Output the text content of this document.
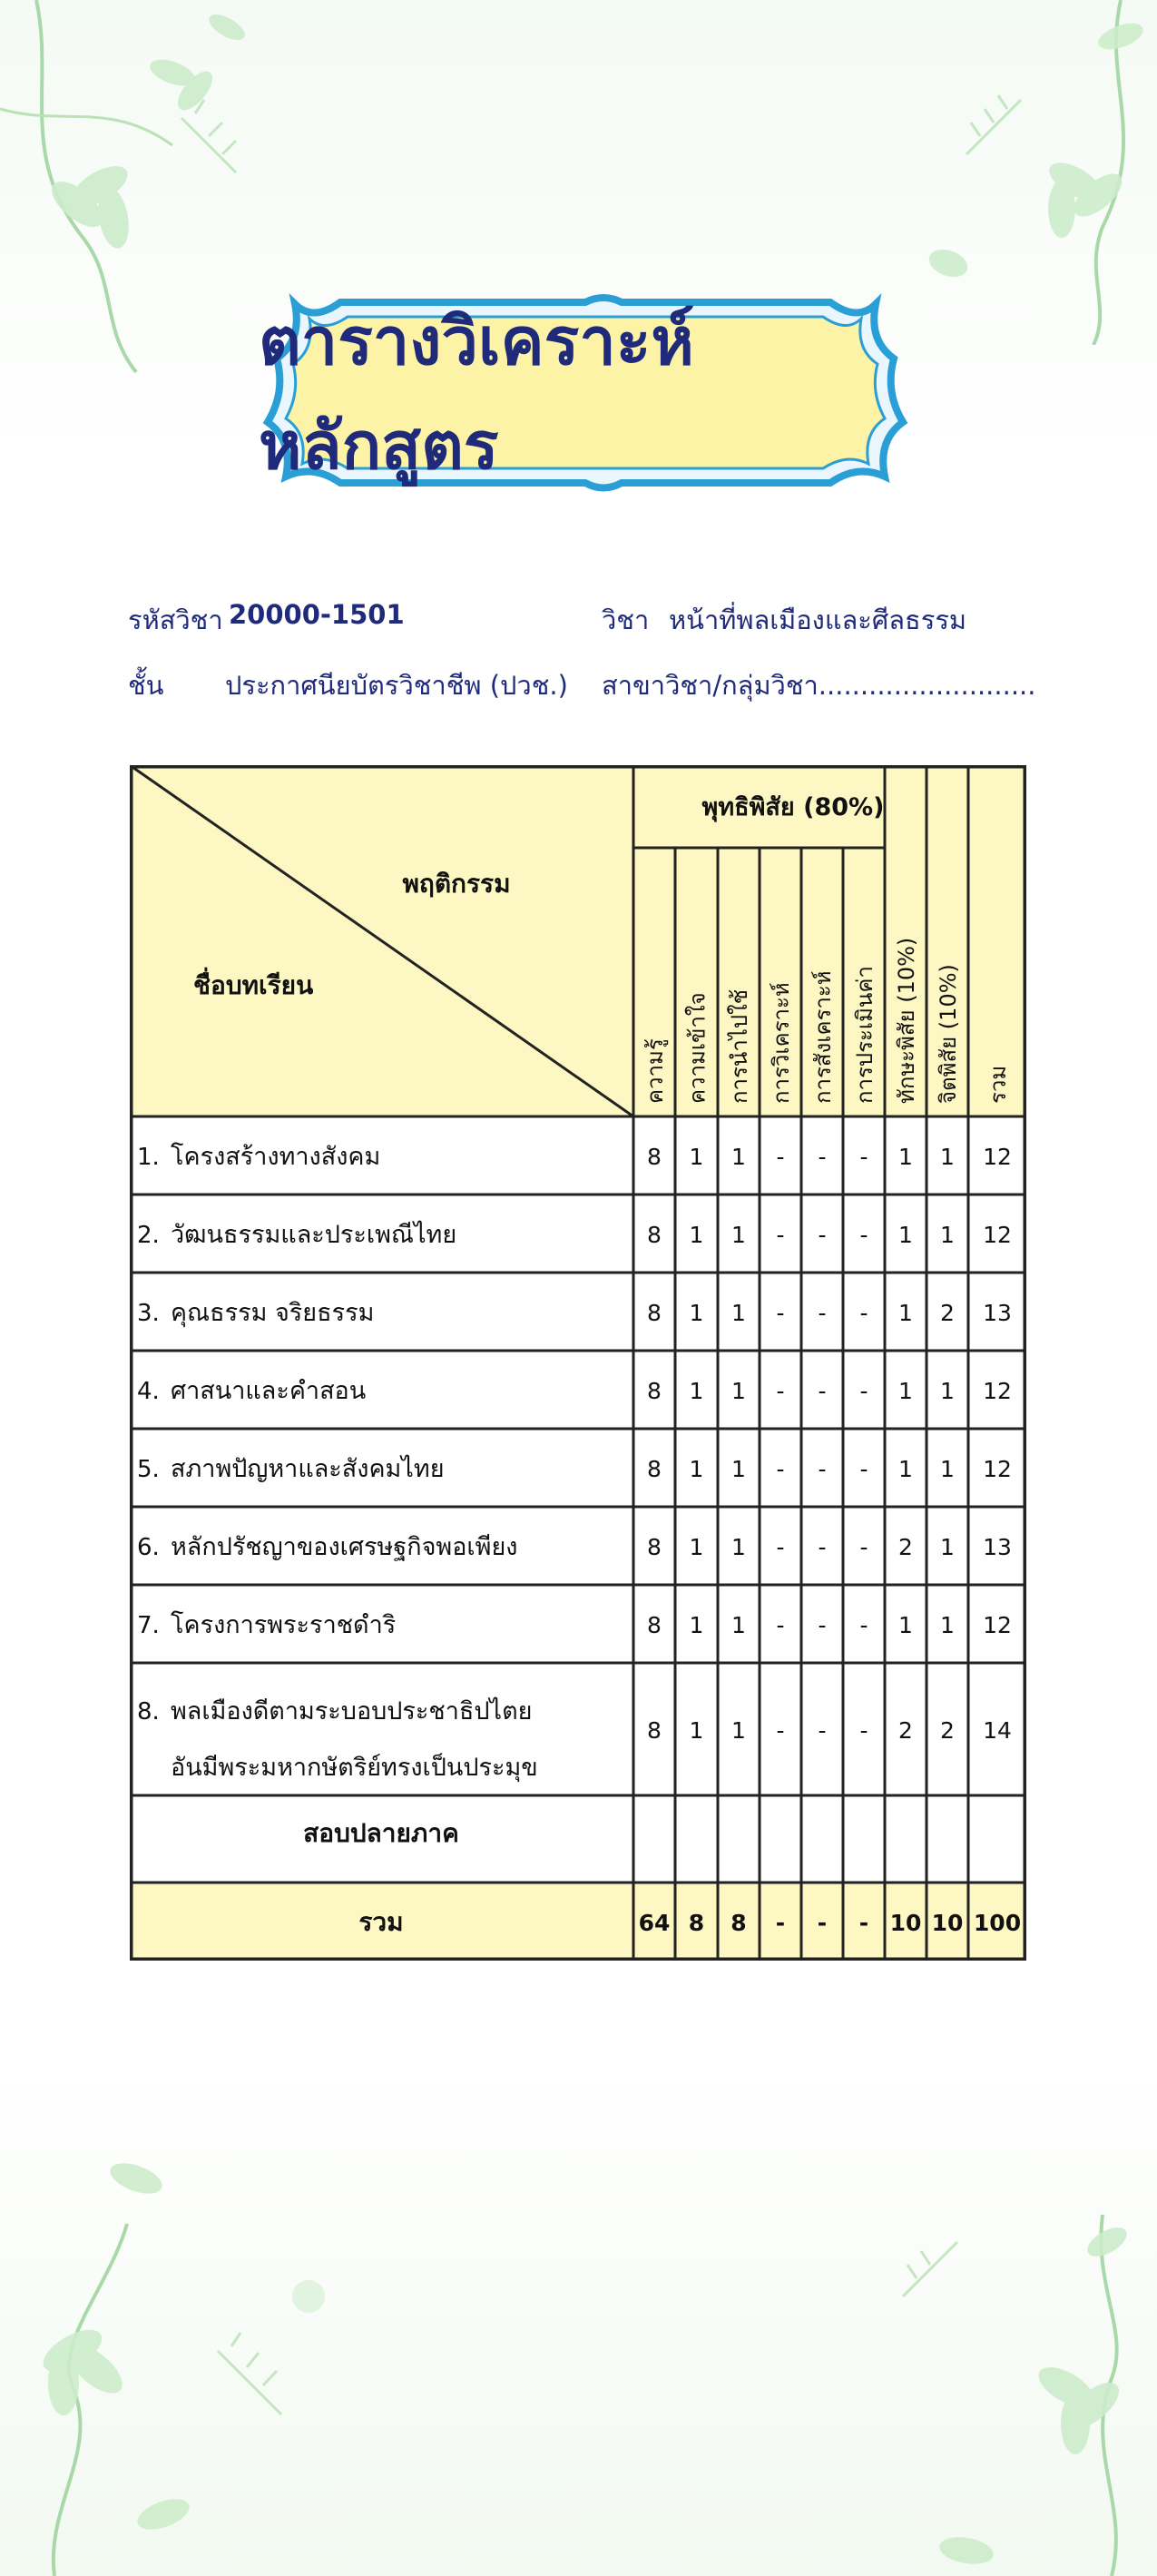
ตารางวิเคราะห์หลักสูตร
รหัสวิชา 20000-1501	วิชา หน้าที่พลเมืองและศีลธรรม
ชั้น ประกาศนียบัตรวิชาชีพ (ปวช.) สาขาวิชา/กลุ่มวิชา..........................
พฤติกรรม
ชื่อบทเรียน
พุทธิพิสัย (80%)
ความรู้ ความเข้าใจ การนำไปใช้ การวิเคราะห์ การสังเคราะห์ การประเมินค่า ทักษะพิสัย (10%) จิตพิสัย (10%) รวม
1. โครงสร้างทางสังคม	8 1 1 - - - 1 1 12
2. วัฒนธรรมและประเพณีไทย	8 1 1 - - - 1 1 12
3. คุณธรรม จริยธรรม	8 1 1 - - - 1 2 13
4. ศาสนาและคำสอน	8 1 1 - - - 1 1 12
5. สภาพปัญหาและสังคมไทย	8 1 1 - - - 1 1 12
6. หลักปรัชญาของเศรษฐกิจพอเพียง	8 1 1 - - - 2 1 13
7. โครงการพระราชดำริ	8 1 1 - - - 1 1 12
8. พลเมืองดีตามระบอบประชาธิปไตย
อันมีพระมหากษัตริย์ทรงเป็นประมุข
8 1 1 - - - 2 2 14
สอบปลายภาค
รวม	64 8 8 - - - 10 10 100
